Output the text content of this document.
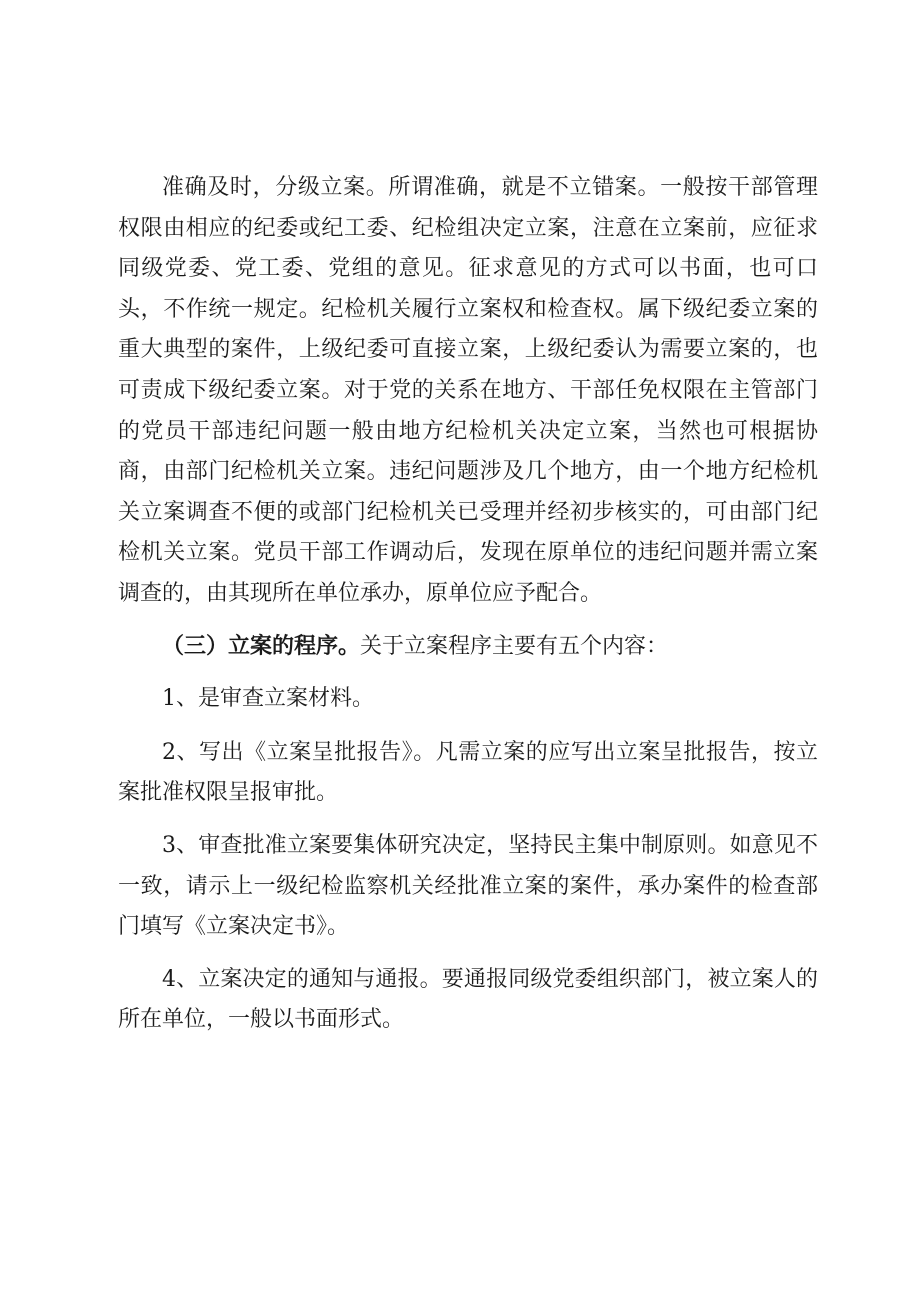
准确及时，分级立案。所谓准确，就是不立错案。一般按干部管理权限由相应的纪委或纪工委、纪检组决定立案，注意在立案前，应征求同级党委、党工委、党组的意见。征求意见的方式可以书面，也可口头，不作统一规定。纪检机关履行立案权和检查权。属下级纪委立案的重大典型的案件，上级纪委可直接立案，上级纪委认为需要立案的，也可责成下级纪委立案。对于党的关系在地方、干部任免权限在主管部门的党员干部违纪问题一般由地方纪检机关决定立案，当然也可根据协商，由部门纪检机关立案。违纪问题涉及几个地方，由一个地方纪检机关立案调查不便的或部门纪检机关已受理并经初步核实的，可由部门纪检机关立案。党员干部工作调动后，发现在原单位的违纪问题并需立案调查的，由其现所在单位承办，原单位应予配合。

（三）立案的程序。关于立案程序主要有五个内容：

1、是审查立案材料。

2、写出《立案呈批报告》。凡需立案的应写出立案呈批报告，按立案批准权限呈报审批。

3、审查批准立案要集体研究决定，坚持民主集中制原则。如意见不一致，请示上一级纪检监察机关经批准立案的案件，承办案件的检查部门填写《立案决定书》。

4、立案决定的通知与通报。要通报同级党委组织部门，被立案人的所在单位，一般以书面形式。
